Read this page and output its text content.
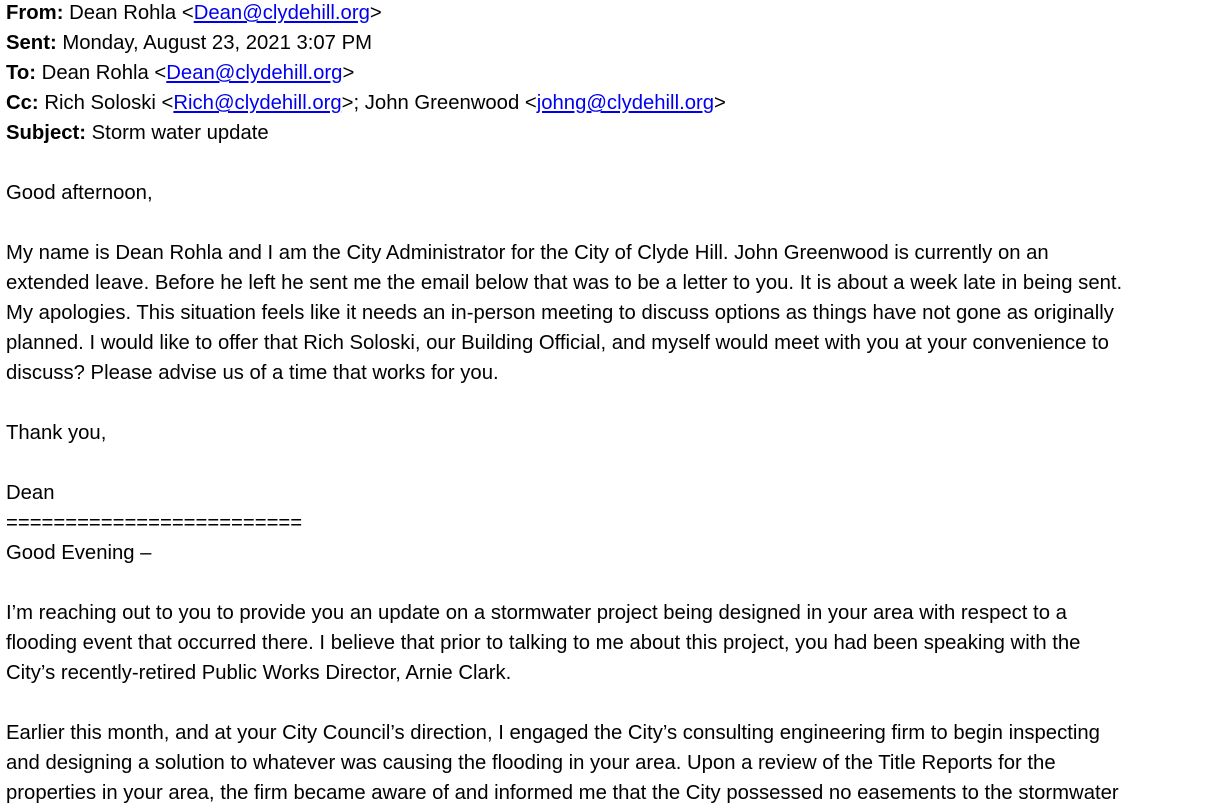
From: Dean Rohla <Dean@clydehill.org>
Sent: Monday, August 23, 2021 3:07 PM
To: Dean Rohla <Dean@clydehill.org>
Cc: Rich Soloski <Rich@clydehill.org>; John Greenwood <johng@clydehill.org>
Subject: Storm water update
Good afternoon,
My name is Dean Rohla and I am the City Administrator for the City of Clyde Hill. John Greenwood is currently on an
extended leave. Before he left he sent me the email below that was to be a letter to you. It is about a week late in being sent.
My apologies. This situation feels like it needs an in-person meeting to discuss options as things have not gone as originally
planned. I would like to offer that Rich Soloski, our Building Official, and myself would meet with you at your convenience to
discuss? Please advise us of a time that works for you.
Thank you,
Dean
=========================
Good Evening –
I’m reaching out to you to provide you an update on a stormwater project being designed in your area with respect to a
flooding event that occurred there. I believe that prior to talking to me about this project, you had been speaking with the
City’s recently-retired Public Works Director, Arnie Clark.
Earlier this month, and at your City Council’s direction, I engaged the City’s consulting engineering firm to begin inspecting
and designing a solution to whatever was causing the flooding in your area. Upon a review of the Title Reports for the
properties in your area, the firm became aware of and informed me that the City possessed no easements to the stormwater
